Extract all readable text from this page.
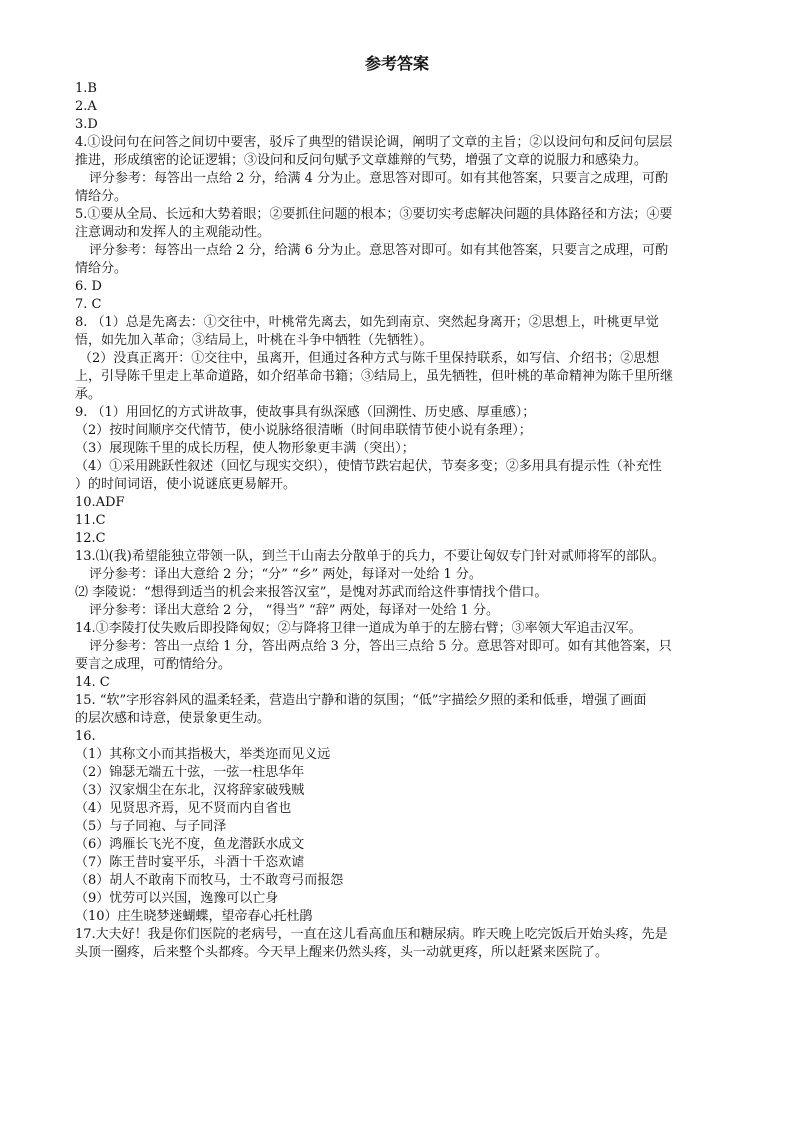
参考答案
1.B
2.A
3.D
4.①设问句在问答之间切中要害，驳斥了典型的错误论调，阐明了文章的主旨；②以设问句和反问句层层
推进，形成缜密的论证逻辑；③设问和反问句赋予文章雄辩的气势，增强了文章的说服力和感染力。
评分参考：每答出一点给 2 分，给满 4 分为止。意思答对即可。如有其他答案，只要言之成理，可酌
情给分。
5.①要从全局、长远和大势着眼；②要抓住问题的根本；③要切实考虑解决问题的具体路径和方法；④要
注意调动和发挥人的主观能动性。
评分参考：每答出一点给 2 分，给满 6 分为止。意思答对即可。如有其他答案，只要言之成理，可酌
情给分。
6. D
7. C
8. （1）总是先离去：①交往中，叶桃常先离去，如先到南京、突然起身离开；②思想上，叶桃更早觉
悟，如先加入革命；③结局上，叶桃在斗争中牺牲（先牺牲）。
（2）没真正离开：①交往中，虽离开，但通过各种方式与陈千里保持联系，如写信、介绍书；②思想
上，引导陈千里走上革命道路，如介绍革命书籍；③结局上，虽先牺牲，但叶桃的革命精神为陈千里所继
承。
9. （1）用回忆的方式讲故事，使故事具有纵深感（回溯性、历史感、厚重感）；
（2）按时间顺序交代情节，使小说脉络很清晰（时间串联情节使小说有条理）；
（3）展现陈千里的成长历程，使人物形象更丰满（突出）；
（4）①采用跳跃性叙述（回忆与现实交织），使情节跌宕起伏，节奏多变；②多用具有提示性（补充性
）的时间词语，使小说谜底更易解开。
10.ADF
11.C
12.C
13.⑴(我)希望能独立带领一队，到兰干山南去分散单于的兵力，不要让匈奴专门针对贰师将军的部队。
评分参考：译出大意给 2 分；“分” “乡” 两处，每译对一处给 1 分。
⑵ 李陵说：“想得到适当的机会来报答汉室”，是愧对苏武而给这件事情找个借口。
评分参考：译出大意给 2 分， “得当” “辞” 两处，每译对一处给 1 分。
14.①李陵打仗失败后即投降匈奴；②与降将卫律一道成为单于的左膀右臂；③率领大军追击汉军。
评分参考：答出一点给 1 分，答出两点给 3 分，答出三点给 5 分。意思答对即可。如有其他答案，只
要言之成理，可酌情给分。
14. C
15. “软”字形容斜风的温柔轻柔，营造出宁静和谐的氛围；“低”字描绘夕照的柔和低垂，增强了画面
的层次感和诗意，使景象更生动。
16.
（1）其称文小而其指极大，举类迩而见义远
（2）锦瑟无端五十弦，一弦一柱思华年
（3）汉家烟尘在东北，汉将辞家破残贼
（4）见贤思齐焉，见不贤而内自省也
（5）与子同袍、与子同泽
（6）鸿雁长飞光不度，鱼龙潜跃水成文
（7）陈王昔时宴平乐，斗酒十千恣欢谑
（8）胡人不敢南下而牧马，士不敢弯弓而报怨
（9）忧劳可以兴国，逸豫可以亡身
（10）庄生晓梦迷蝴蝶，望帝春心托杜鹃
17.大夫好！我是你们医院的老病号，一直在这儿看高血压和糖尿病。昨天晚上吃完饭后开始头疼，先是
头顶一圈疼，后来整个头都疼。今天早上醒来仍然头疼，头一动就更疼，所以赶紧来医院了。
